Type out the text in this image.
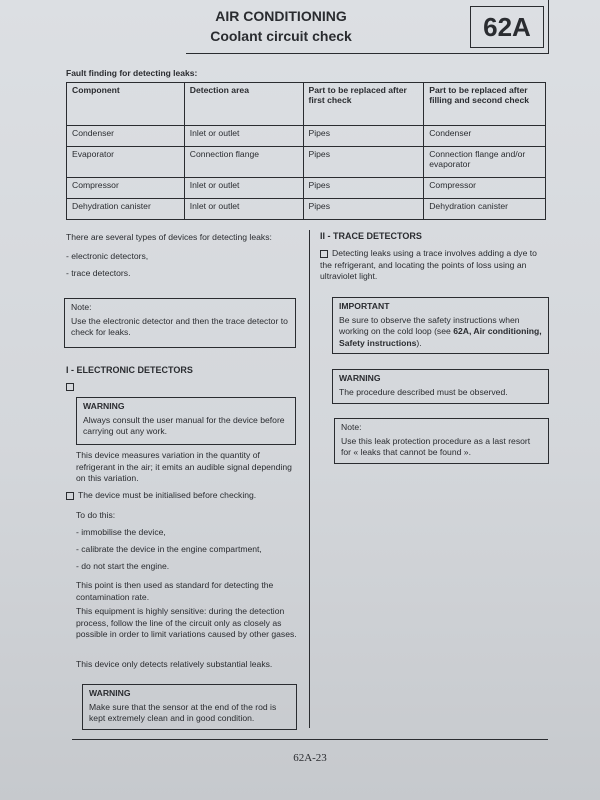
AIR CONDITIONING
Coolant circuit check	62A
Fault finding for detecting leaks:
Component	Detection area	Part to be replaced after first check	Part to be replaced after filling and second check
Condenser	Inlet or outlet	Pipes	Condenser
Evaporator	Connection flange	Pipes	Connection flange and/or evaporator
Compressor	Inlet or outlet	Pipes	Compressor
Dehydration canister	Inlet or outlet	Pipes	Dehydration canister
There are several types of devices for detecting leaks:
- electronic detectors,
- trace detectors.
Note:
Use the electronic detector and then the trace detector to check for leaks.
I - ELECTRONIC DETECTORS
WARNING
Always consult the user manual for the device before carrying out any work.
This device measures variation in the quantity of refrigerant in the air; it emits an audible signal depending on this variation.
The device must be initialised before checking.
To do this:
- immobilise the device,
- calibrate the device in the engine compartment,
- do not start the engine.
This point is then used as standard for detecting the contamination rate.
This equipment is highly sensitive: during the detection process, follow the line of the circuit only as closely as possible in order to limit variations caused by other gases.
This device only detects relatively substantial leaks.
WARNING
Make sure that the sensor at the end of the rod is kept extremely clean and in good condition.
II - TRACE DETECTORS
Detecting leaks using a trace involves adding a dye to the refrigerant, and locating the points of loss using an ultraviolet light.
IMPORTANT
Be sure to observe the safety instructions when working on the cold loop (see 62A, Air conditioning, Safety instructions).
WARNING
The procedure described must be observed.
Note:
Use this leak protection procedure as a last resort for « leaks that cannot be found ».
62A-23
